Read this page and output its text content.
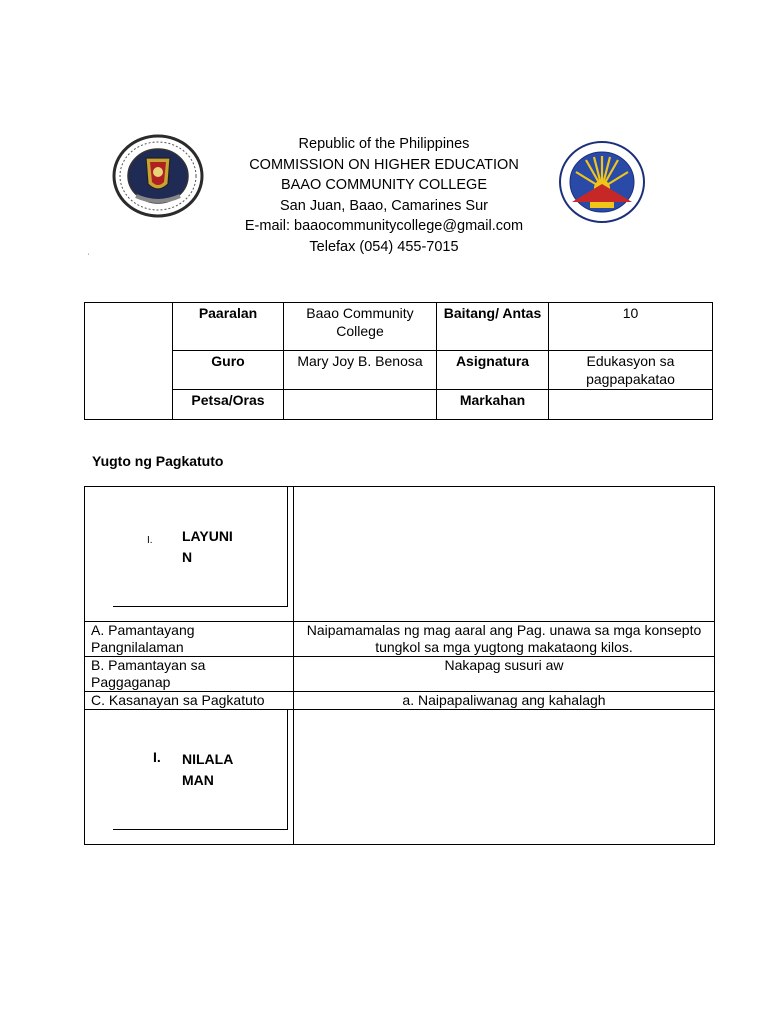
Republic of the Philippines
COMMISSION ON HIGHER EDUCATION
BAAO COMMUNITY COLLEGE
San Juan, Baao, Camarines Sur
E-mail: baaocommunitycollege@gmail.com
Telefax (054) 455-7015
'
	Paaralan	Baao Community College	Baitang/ Antas	10
	Guro	Mary Joy B. Benosa	Asignatura	Edukasyon sa pagpapakatao
	Petsa/Oras		Markahan	
Yugto ng Pagkatuto
I. LAYUNI
N	

A. Pamantayang Pangnilalaman	Naipamamalas ng mag aaral ang Pag. unawa sa mga konsepto tungkol sa mga yugtong makataong kilos.
B. Pamantayan sa Paggaganap	Nakapag susuri aw
C. Kasanayan sa Pagkatuto	a. Naipapaliwanag ang kahalagh

I. NILALA
MAN	
